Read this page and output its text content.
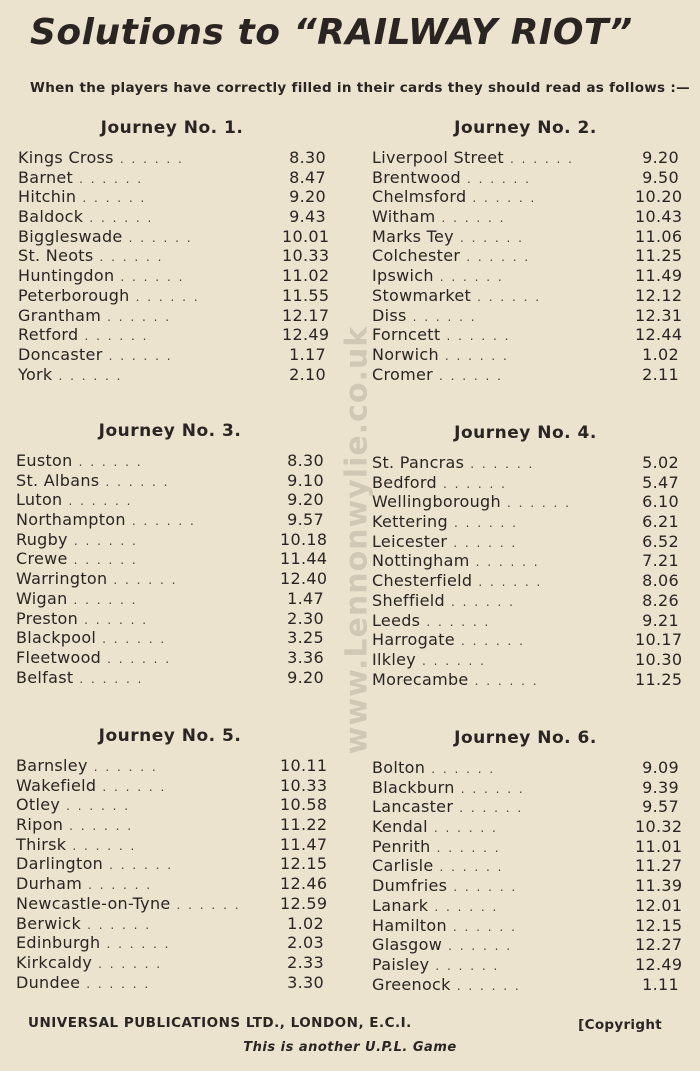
Solutions to “RAILWAY RIOT”
When the players have correctly filled in their cards they should read as follows :—
Journey No. 1.
Kings Cross . . . . . .	8.30
Barnet . . . . . .	8.47
Hitchin . . . . . .	9.20
Baldock . . . . . .	9.43
Biggleswade . . . . . .	10.01
St. Neots . . . . . .	10.33
Huntingdon . . . . . .	11.02
Peterborough . . . . . .	11.55
Grantham . . . . . .	12.17
Retford . . . . . .	12.49
Doncaster . . . . . .	1.17
York . . . . . .	2.10
Journey No. 2.
Liverpool Street . . . . . .	9.20
Brentwood . . . . . .	9.50
Chelmsford . . . . . .	10.20
Witham . . . . . .	10.43
Marks Tey . . . . . .	11.06
Colchester . . . . . .	11.25
Ipswich . . . . . .	11.49
Stowmarket . . . . . .	12.12
Diss . . . . . .	12.31
Forncett . . . . . .	12.44
Norwich . . . . . .	1.02
Cromer . . . . . .	2.11
Journey No. 3.
Euston . . . . . .	8.30
St. Albans . . . . . .	9.10
Luton . . . . . .	9.20
Northampton . . . . . .	9.57
Rugby . . . . . .	10.18
Crewe . . . . . .	11.44
Warrington . . . . . .	12.40
Wigan . . . . . .	1.47
Preston . . . . . .	2.30
Blackpool . . . . . .	3.25
Fleetwood . . . . . .	3.36
Belfast . . . . . .	9.20
Journey No. 4.
St. Pancras . . . . . .	5.02
Bedford . . . . . .	5.47
Wellingborough . . . . . .	6.10
Kettering . . . . . .	6.21
Leicester . . . . . .	6.52
Nottingham . . . . . .	7.21
Chesterfield . . . . . .	8.06
Sheffield . . . . . .	8.26
Leeds . . . . . .	9.21
Harrogate . . . . . .	10.17
Ilkley . . . . . .	10.30
Morecambe . . . . . .	11.25
Journey No. 5.
Barnsley . . . . . .	10.11
Wakefield . . . . . .	10.33
Otley . . . . . .	10.58
Ripon . . . . . .	11.22
Thirsk . . . . . .	11.47
Darlington . . . . . .	12.15
Durham . . . . . .	12.46
Newcastle-on-Tyne . . . . . .	12.59
Berwick . . . . . .	1.02
Edinburgh . . . . . .	2.03
Kirkcaldy . . . . . .	2.33
Dundee . . . . . .	3.30
Journey No. 6.
Bolton . . . . . .	9.09
Blackburn . . . . . .	9.39
Lancaster . . . . . .	9.57
Kendal . . . . . .	10.32
Penrith . . . . . .	11.01
Carlisle . . . . . .	11.27
Dumfries . . . . . .	11.39
Lanark . . . . . .	12.01
Hamilton . . . . . .	12.15
Glasgow . . . . . .	12.27
Paisley . . . . . .	12.49
Greenock . . . . . .	1.11
www.Lennonwylie.co.uk
UNIVERSAL PUBLICATIONS LTD., LONDON, E.C.I.	[Copyright
This is another U.P.L. Game
